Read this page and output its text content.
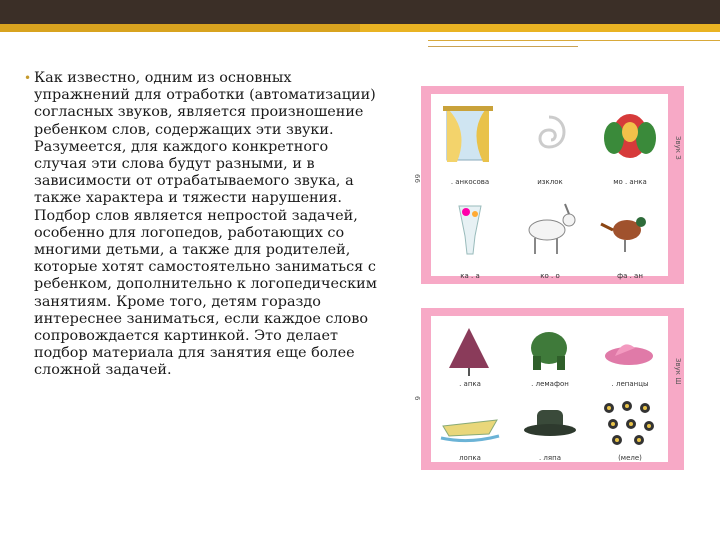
• Как известно, одним из основных упражнений для отработки (автоматизации) согласных звуков, является произношение ребенком слов, содержащих эти звуки. Разумеется, для каждого конкретного случая эти слова будут разными, и в зависимости от отрабатываемого звука, а также характера и тяжести нарушения. Подбор слов является непростой задачей, особенно для логопедов, работающих со многими детьми, а также для родителей, которые хотят самостоятельно заниматься с ребенком, дополнительно к логопедическим занятиям. Кроме того, детям гораздо интереснее заниматься, если каждое слово сопровождается картинкой. Это делает подбор материала для занятия еще более сложной задачей.
. анкосова	изклок	мо . анка
ка . а	ко . о	фа . ан
Звук З
66
. апка	. лемафон	. лепанцы
лопка	. ляпа	(меле)
Звук Ш
6
